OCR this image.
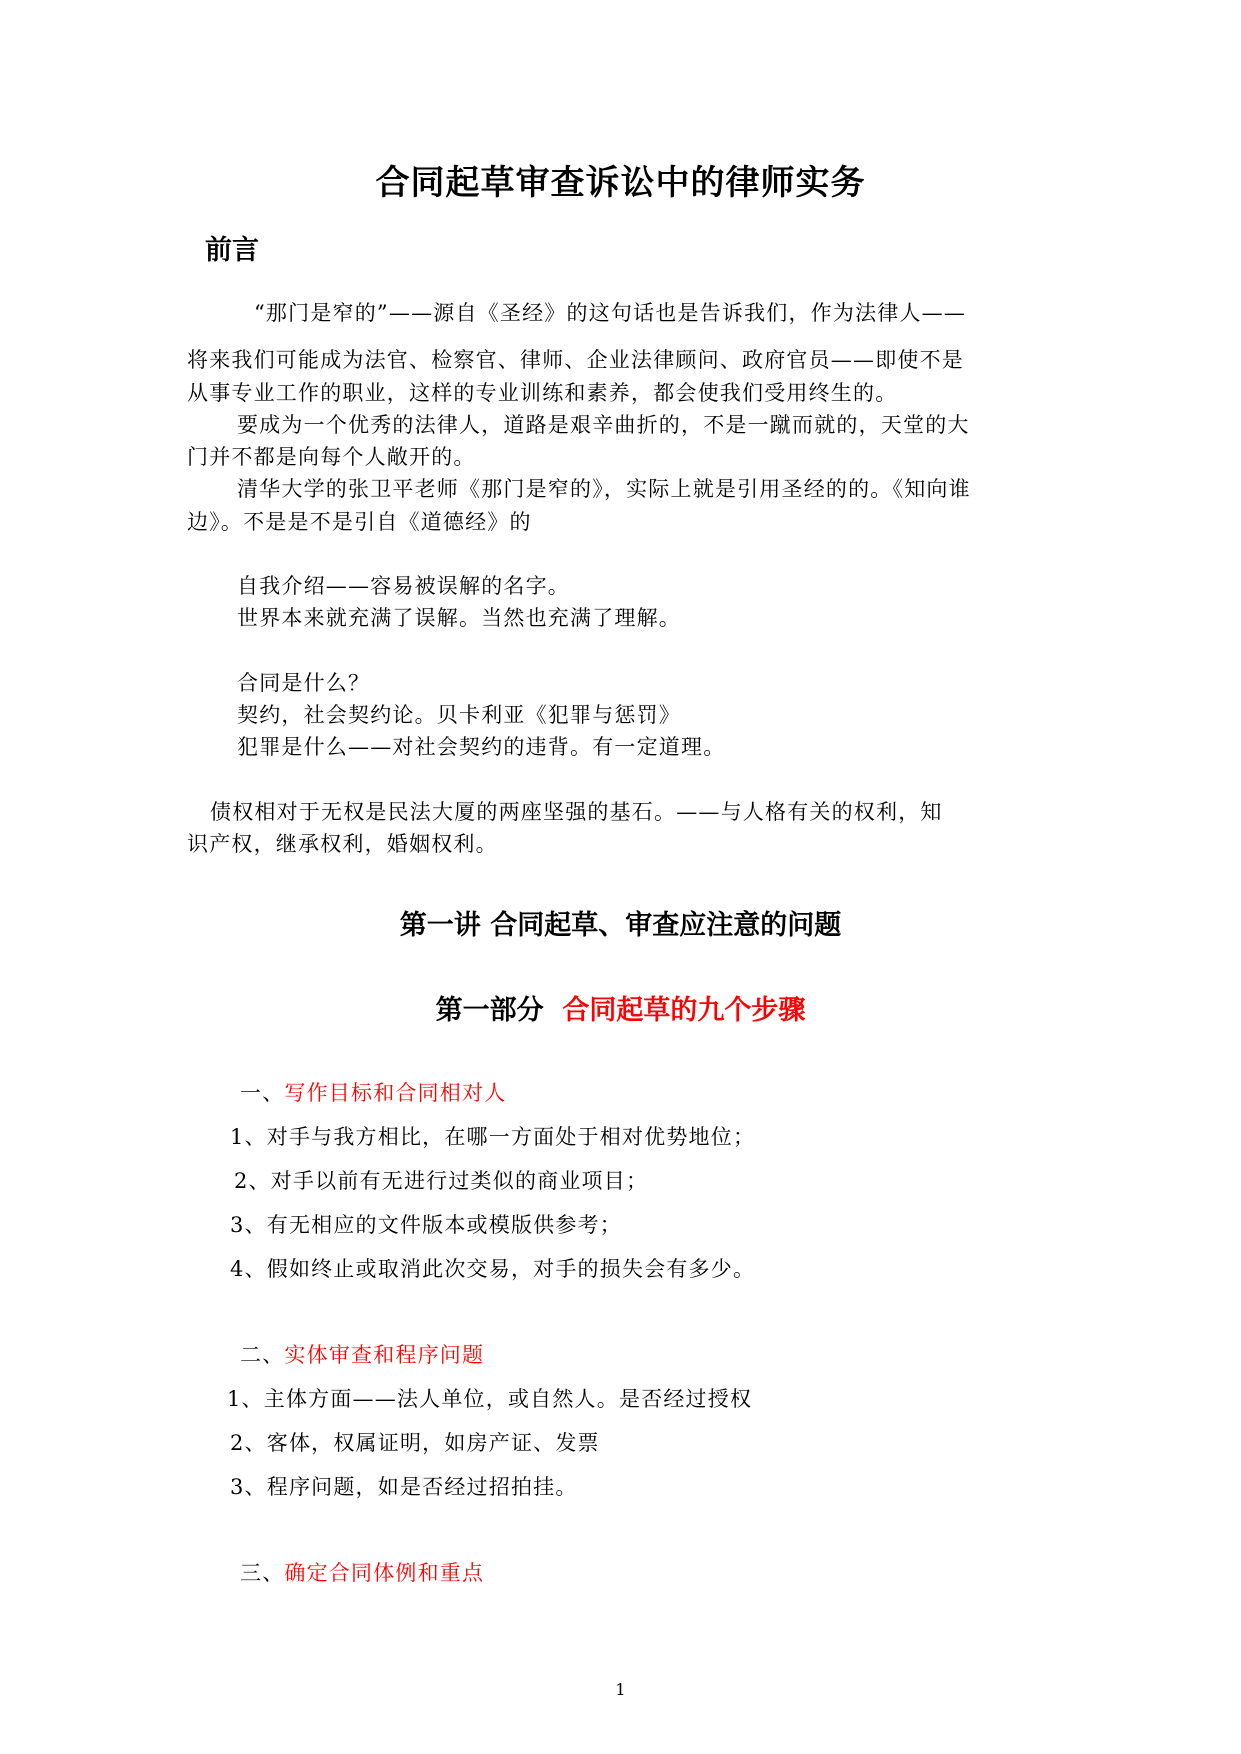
合同起草审查诉讼中的律师实务
前言

“那门是窄的”——源自《圣经》的这句话也是告诉我们，作为法律人——

将来我们可能成为法官、检察官、律师、企业法律顾问、政府官员——即使不是

从事专业工作的职业，这样的专业训练和素养，都会使我们受用终生的。

要成为一个优秀的法律人，道路是艰辛曲折的，不是一蹴而就的，天堂的大

门并不都是向每个人敞开的。

清华大学的张卫平老师《那门是窄的》，实际上就是引用圣经的的。《知向谁

边》。不是是不是引自《道德经》的

自我介绍——容易被误解的名字。

世界本来就充满了误解。当然也充满了理解。

合同是什么？

契约，社会契约论。贝卡利亚《犯罪与惩罚》

犯罪是什么——对社会契约的违背。有一定道理。

债权相对于无权是民法大厦的两座坚强的基石。——与人格有关的权利，知

识产权，继承权利，婚姻权利。

第一讲 合同起草、审查应注意的问题
第一部分  合同起草的九个步骤

一、写作目标和合同相对人

1、对手与我方相比，在哪一方面处于相对优势地位；

2、对手以前有无进行过类似的商业项目；

3、有无相应的文件版本或模版供参考；

4、假如终止或取消此次交易，对手的损失会有多少。

二、实体审查和程序问题

1、主体方面——法人单位，或自然人。是否经过授权

2、客体，权属证明，如房产证、发票

3、程序问题，如是否经过招拍挂。

三、确定合同体例和重点

1
